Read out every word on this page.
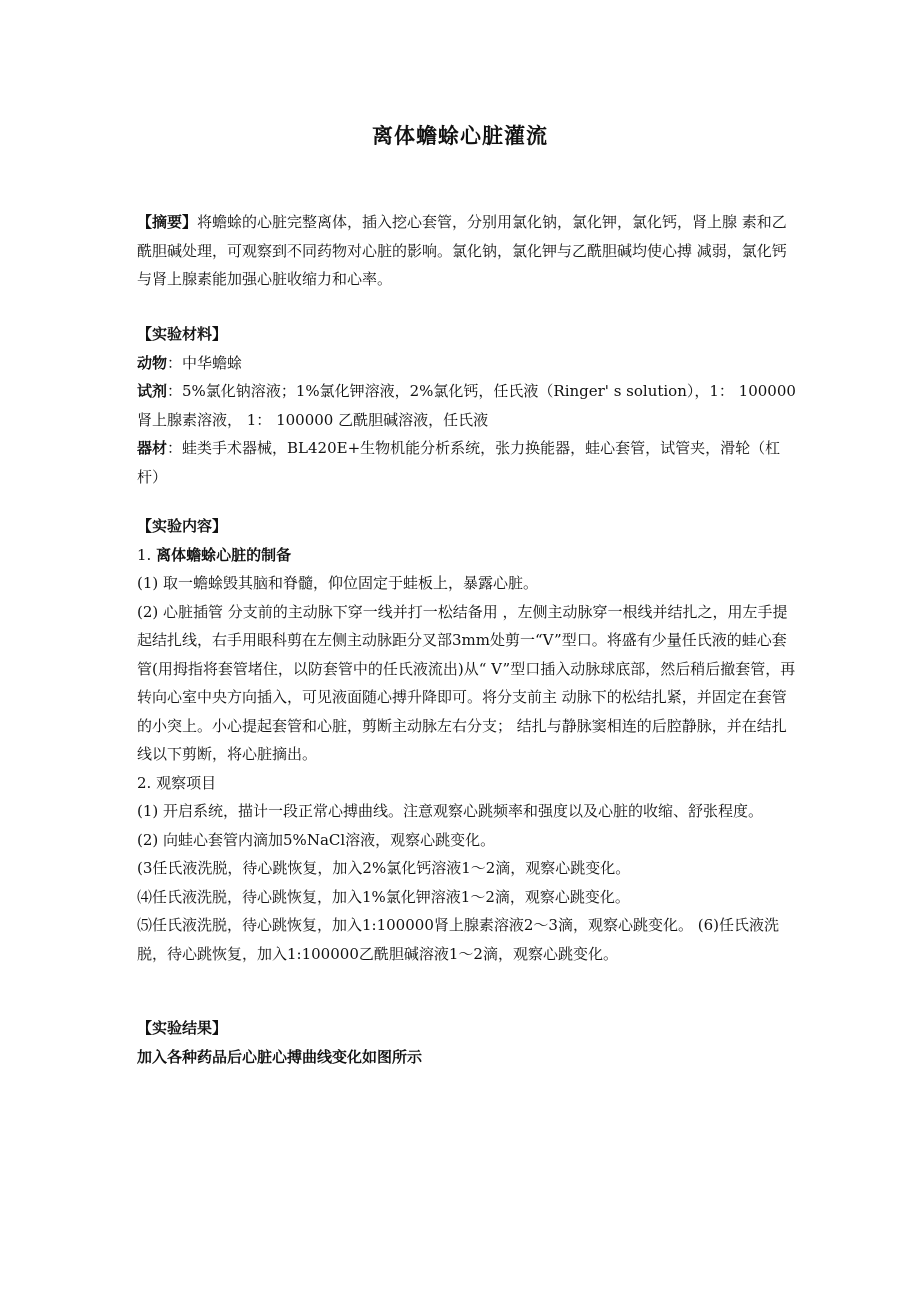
离体蟾蜍心脏灌流

【摘要】将蟾蜍的心脏完整离体，插入挖心套管，分别用氯化钠，氯化钾，氯化钙，肾上腺 素和乙酰胆碱处理，可观察到不同药物对心脏的影响。氯化钠，氯化钾与乙酰胆碱均使心搏 减弱，氯化钙与肾上腺素能加强心脏收缩力和心率。

【实验材料】

动物：中华蟾蜍

试剂：5%氯化钠溶液；1%氯化钾溶液，2%氯化钙，任氏液（Ringer' s solution），1： 100000 肾上腺素溶液， 1： 100000 乙酰胆碱溶液，任氏液

器材：蛙类手术器械，BL420E+生物机能分析系统，张力换能器，蛙心套管，试管夹，滑轮（杠杆）

【实验内容】

1. 离体蟾蜍心脏的制备

(1) 取一蟾蜍毁其脑和脊髓，仰位固定于蛙板上，暴露心脏。

(2) 心脏插管 分支前的主动脉下穿一线并打一松结备用 ，左侧主动脉穿一根线并结扎之，用左手提起结扎线，右手用眼科剪在左侧主动脉距分叉部3mm处剪一“V”型口。将盛有少量任氏液的蛙心套管(用拇指将套管堵住，以防套管中的任氏液流出)从“ V”型口插入动脉球底部，然后稍后撤套管，再转向心室中央方向插入，可见液面随心搏升降即可。将分支前主 动脉下的松结扎紧，并固定在套管的小突上。小心提起套管和心脏，剪断主动脉左右分支； 结扎与静脉窦相连的后腔静脉，并在结扎线以下剪断，将心脏摘出。

2. 观察项目

(1) 开启系统，描计一段正常心搏曲线。注意观察心跳频率和强度以及心脏的收缩、舒张程度。

(2) 向蛙心套管内滴加5%NaCl溶液，观察心跳变化。

(3任氏液洗脱，待心跳恢复，加入2%氯化钙溶液1～2滴，观察心跳变化。

⑷任氏液洗脱，待心跳恢复，加入1%氯化钾溶液1～2滴，观察心跳变化。

⑸任氏液洗脱，待心跳恢复，加入1:100000肾上腺素溶液2～3滴，观察心跳变化。 (6)任氏液洗脱，待心跳恢复，加入1:100000乙酰胆碱溶液1～2滴，观察心跳变化。

【实验结果】

加入各种药品后心脏心搏曲线变化如图所示
